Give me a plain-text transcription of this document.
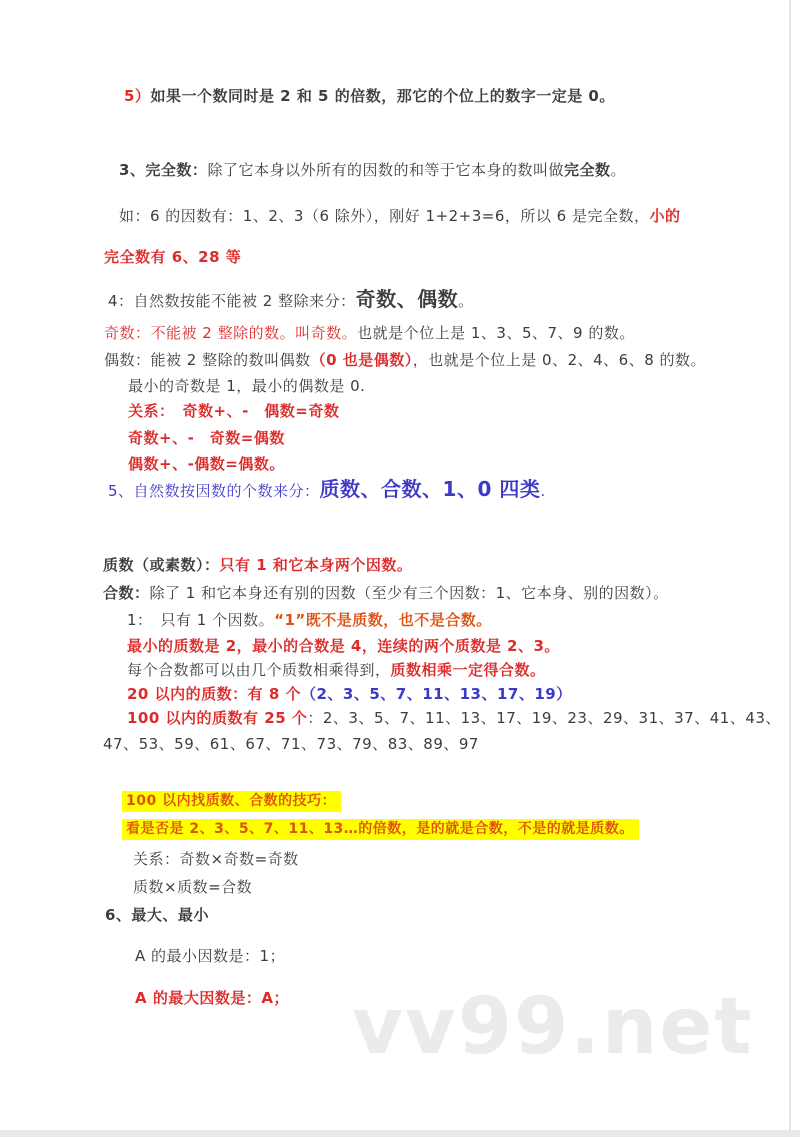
5）如果一个数同时是 2 和 5 的倍数，那它的个位上的数字一定是 0。
3、完全数：除了它本身以外所有的因数的和等于它本身的数叫做完全数。
如：6 的因数有：1、2、3（6 除外），刚好 1+2+3=6，所以 6 是完全数，小的
完全数有 6、28 等
4：自然数按能不能被 2 整除来分：奇数、偶数。
奇数：不能被 2 整除的数。叫奇数。也就是个位上是 1、3、5、7、9 的数。
偶数：能被 2 整除的数叫偶数（0 也是偶数），也就是个位上是 0、2、4、6、8 的数。
最小的奇数是 1，最小的偶数是 0.
关系：　奇数+、-　偶数=奇数
奇数+、-　奇数=偶数
偶数+、-偶数=偶数。
5、自然数按因数的个数来分：质数、合数、1、0 四类.
质数（或素数）：只有 1 和它本身两个因数。
合数：除了 1 和它本身还有别的因数（至少有三个因数：1、它本身、别的因数）。
1：　只有 1 个因数。“1”既不是质数，也不是合数。
最小的质数是 2，最小的合数是 4，连续的两个质数是 2、3。
每个合数都可以由几个质数相乘得到，质数相乘一定得合数。
20 以内的质数：有 8 个（2、3、5、7、11、13、17、19）
100 以内的质数有 25 个：2、3、5、7、11、13、17、19、23、29、31、37、41、43、
47、53、59、61、67、71、73、79、83、89、97
100 以内找质数、合数的技巧：
看是否是 2、3、5、7、11、13…的倍数，是的就是合数，不是的就是质数。
关系：奇数×奇数=奇数
质数×质数=合数
6、最大、最小
A 的最小因数是：1；
A 的最大因数是：A； vv99.net
